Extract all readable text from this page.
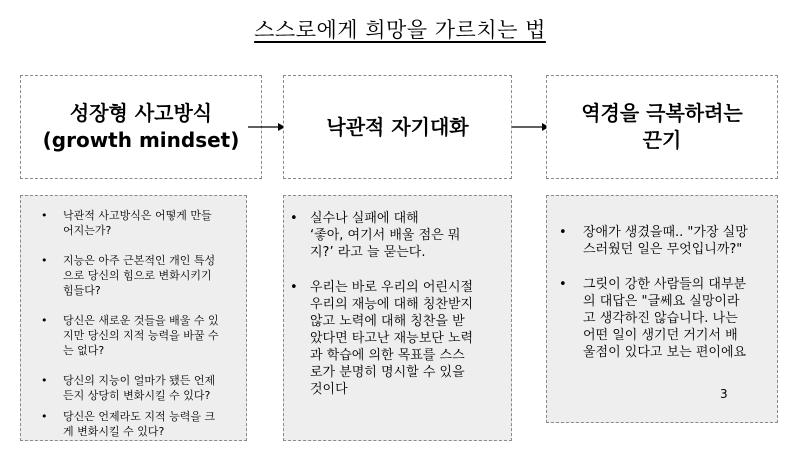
스스로에게 희망을 가르치는 법
성장형 사고방식
(growth mindset)
낙관적 자기대화
역경을 극복하려는
끈기
• 낙관적 사고방식은 어떻게 만들
어지는가?
• 지능은 아주 근본적인 개인 특성
으로 당신의 힘으로 변화시키기
힘들다?
• 당신은 새로운 것들을 배울 수 있
지만 당신의 지적 능력을 바꿀 수
는 없다?
• 당신의 지능이 얼마가 됐든 언제
든지 상당히 변화시킬 수 있다?
• 당신은 언제라도 지적 능력을 크
게 변화시킬 수 있다?
• 실수나 실패에 대해
‘좋아, 여기서 배울 점은 뭐
지?’ 라고 늘 묻는다.
• 우리는 바로 우리의 어린시절
우리의 재능에 대해 칭찬받지
않고 노력에 대해 칭찬을 받
았다면 타고난 재능보단 노력
과 학습에 의한 목표를 스스
로가 분명히 명시할 수 있을
것이다
• 장애가 생겼을때.. "가장 실망
스러웠던 일은 무엇입니까?"
• 그릿이 강한 사람들의 대부분
의 대답은 "글쎄요 실망이라
고 생각하진 않습니다. 나는
어떤 일이 생기던 거기서 배
울점이 있다고 보는 편이에요
3
